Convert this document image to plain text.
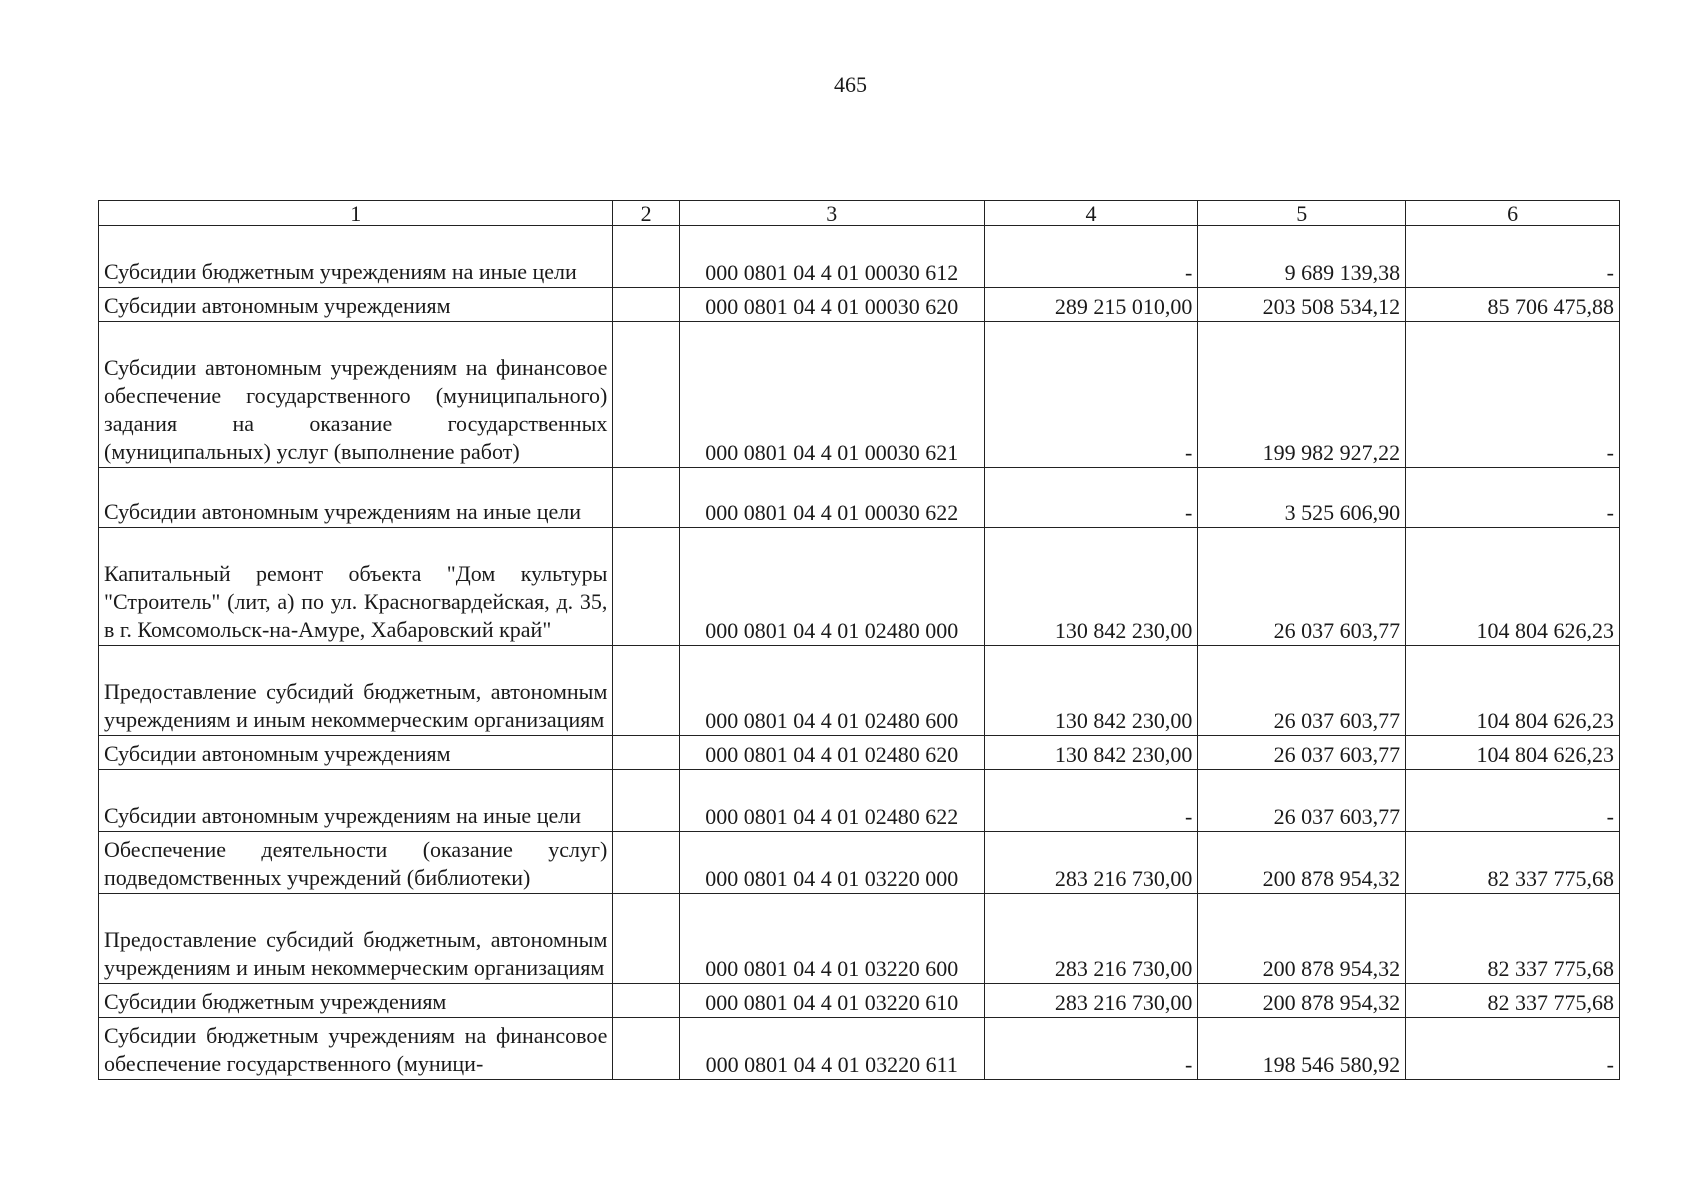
465
1	2	3	4	5	6
Субсидии бюджетным учреждениям на иные цели		000 0801 04 4 01 00030 612	-	9 689 139,38	-
Субсидии автономным учреждениям		000 0801 04 4 01 00030 620	289 215 010,00	203 508 534,12	85 706 475,88
Субсидии автономным учреждениям на финансовое обеспечение государственного (муниципального) задания на оказание государственных (муниципальных) услуг (выполнение работ)		000 0801 04 4 01 00030 621	-	199 982 927,22	-
Субсидии автономным учреждениям на иные цели		000 0801 04 4 01 00030 622	-	3 525 606,90	-
Капитальный ремонт объекта "Дом культуры "Строитель" (лит, а) по ул. Красногвардейская, д. 35, в г. Комсомольск-на-Амуре, Хабаровский край"		000 0801 04 4 01 02480 000	130 842 230,00	26 037 603,77	104 804 626,23
Предоставление субсидий бюджетным, автономным учреждениям и иным некоммерческим организациям		000 0801 04 4 01 02480 600	130 842 230,00	26 037 603,77	104 804 626,23
Субсидии автономным учреждениям		000 0801 04 4 01 02480 620	130 842 230,00	26 037 603,77	104 804 626,23
Субсидии автономным учреждениям на иные цели		000 0801 04 4 01 02480 622	-	26 037 603,77	-
Обеспечение деятельности (оказание услуг) подведомственных учреждений (библиотеки)		000 0801 04 4 01 03220 000	283 216 730,00	200 878 954,32	82 337 775,68
Предоставление субсидий бюджетным, автономным учреждениям и иным некоммерческим организациям		000 0801 04 4 01 03220 600	283 216 730,00	200 878 954,32	82 337 775,68
Субсидии бюджетным учреждениям		000 0801 04 4 01 03220 610	283 216 730,00	200 878 954,32	82 337 775,68
Субсидии бюджетным учреждениям на финансовое обеспечение государственного (муници-		000 0801 04 4 01 03220 611	-	198 546 580,92	-
